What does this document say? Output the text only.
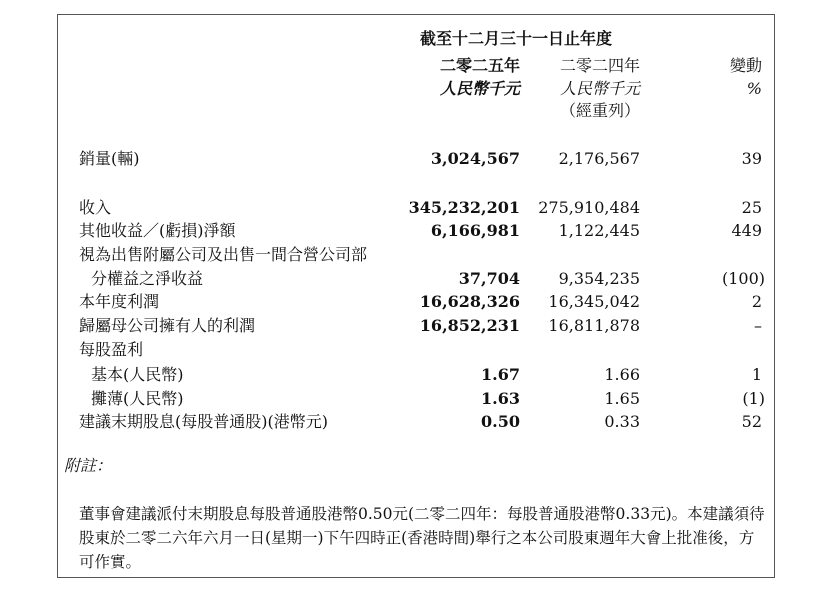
截至十二月三十一日止年度
二零二五年	二零二四年	變動
人民幣千元	人民幣千元	%
（經重列）
銷量(輛)	3,024,567	2,176,567	39
收入	345,232,201	275,910,484	25
其他收益／(虧損)淨額	6,166,981	1,122,445	449
視為出售附屬公司及出售一間合營公司部
分權益之淨收益	37,704	9,354,235	(100)
本年度利潤	16,628,326	16,345,042	2
歸屬母公司擁有人的利潤	16,852,231	16,811,878	–
每股盈利
基本(人民幣)	1.67	1.66	1
攤薄(人民幣)	1.63	1.65	(1)
建議末期股息(每股普通股)(港幣元)	0.50	0.33	52
附註：
董事會建議派付末期股息每股普通股港幣0.50元(二零二四年：每股普通股港幣0.33元)。本建議須待股東於二零二六年六月一日(星期一)下午四時正(香港時間)舉行之本公司股東週年大會上批准後，方可作實。
